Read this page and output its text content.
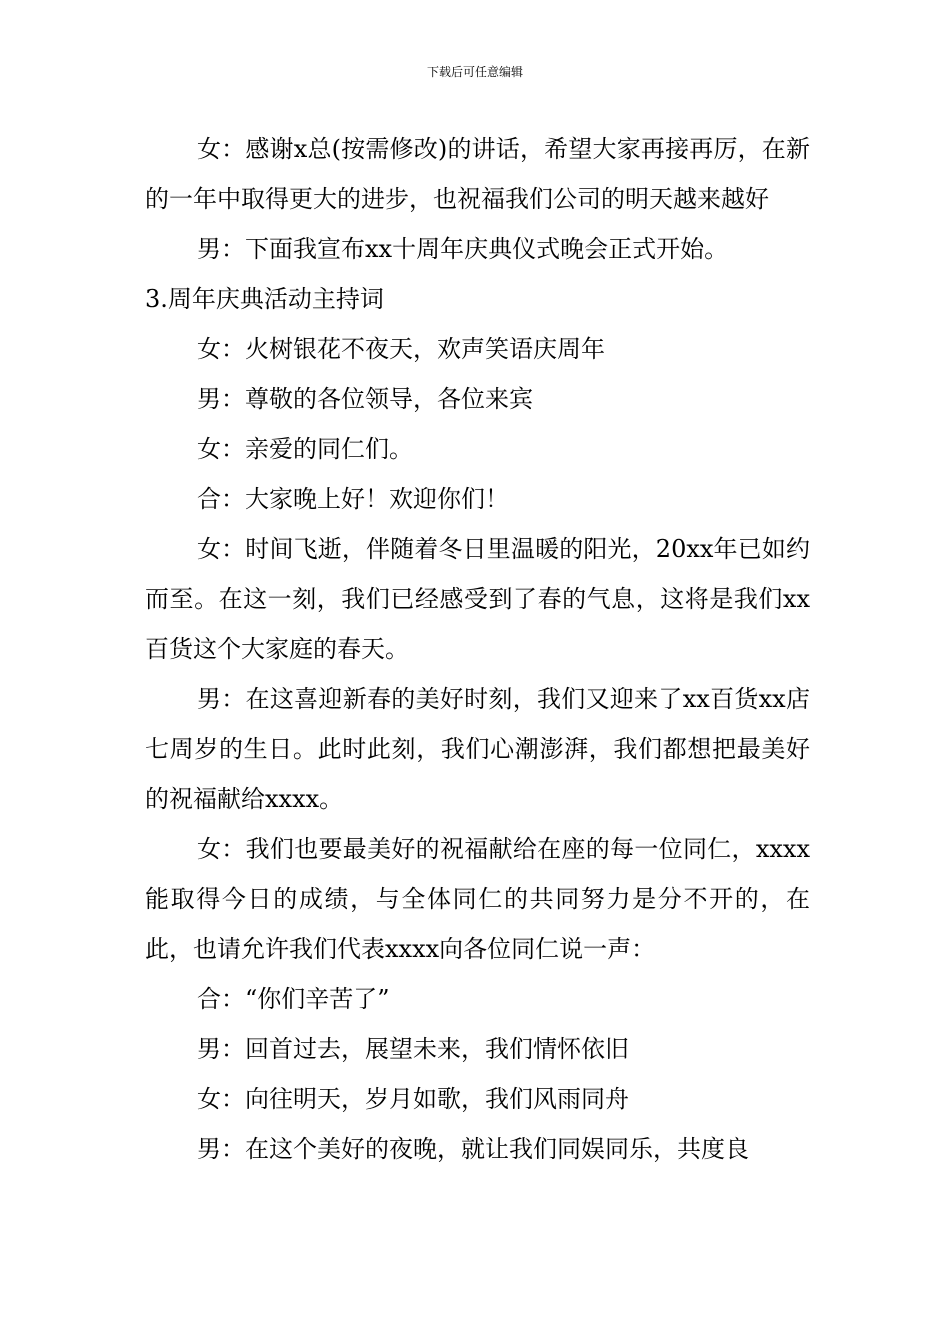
下载后可任意编辑

女：感谢x总(按需修改)的讲话，希望大家再接再厉，在新的一年中取得更大的进步，也祝福我们公司的明天越来越好

男：下面我宣布xx十周年庆典仪式晚会正式开始。

3.周年庆典活动主持词

女：火树银花不夜天，欢声笑语庆周年

男：尊敬的各位领导，各位来宾

女：亲爱的同仁们。

合：大家晚上好！欢迎你们！

女：时间飞逝，伴随着冬日里温暖的阳光，20xx年已如约而至。在这一刻，我们已经感受到了春的气息，这将是我们xx百货这个大家庭的春天。

男：在这喜迎新春的美好时刻，我们又迎来了xx百货xx店七周岁的生日。此时此刻，我们心潮澎湃，我们都想把最美好的祝福献给xxxx。

女：我们也要最美好的祝福献给在座的每一位同仁，xxxx能取得今日的成绩，与全体同仁的共同努力是分不开的，在此，也请允许我们代表xxxx向各位同仁说一声：

合：“你们辛苦了”

男：回首过去，展望未来，我们情怀依旧

女：向往明天，岁月如歌，我们风雨同舟

男：在这个美好的夜晚，就让我们同娱同乐，共度良
